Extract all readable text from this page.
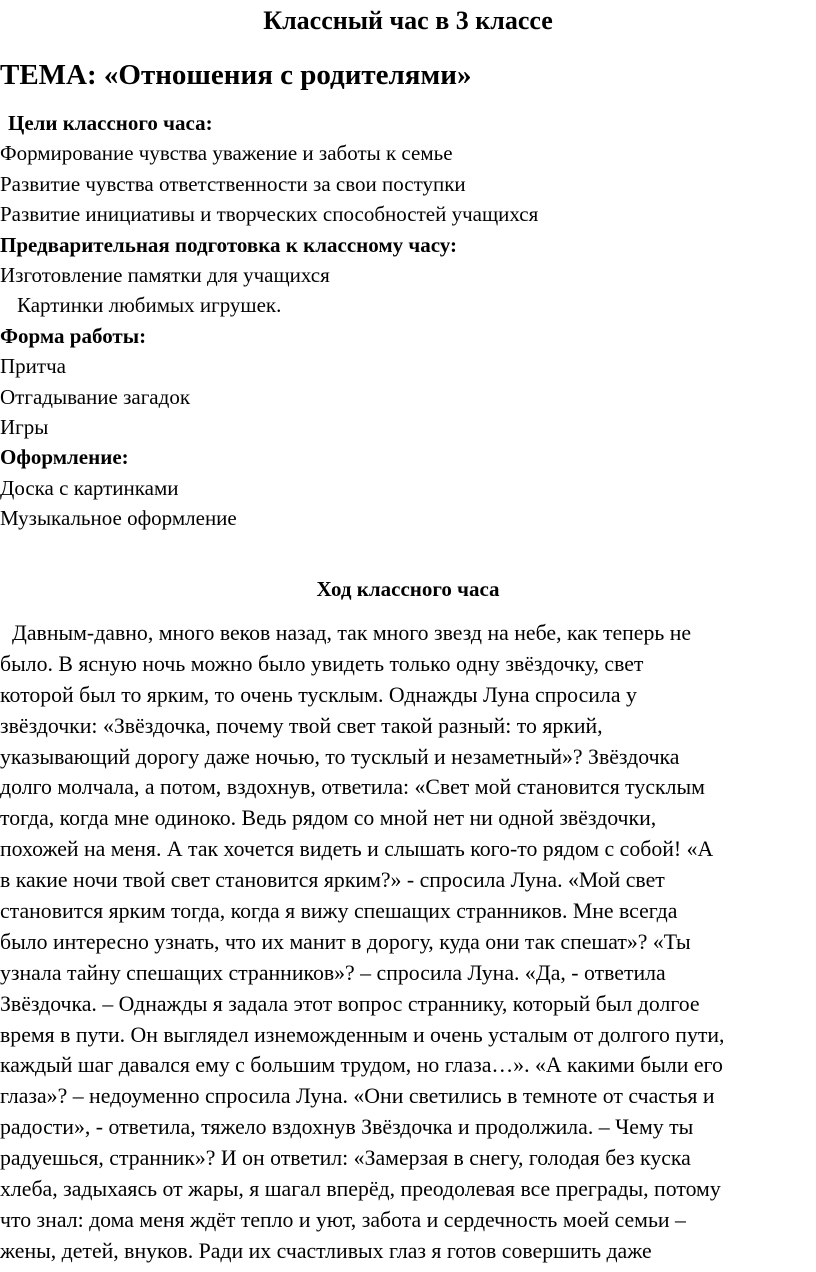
Классный час в 3 классе
ТЕМА: «Отношения с родителями»
Цели классного часа:
Формирование чувства уважение и заботы к семье
Развитие чувства ответственности за свои поступки
Развитие инициативы и творческих способностей учащихся
Предварительная подготовка к классному часу:
Изготовление памятки для учащихся
Картинки любимых игрушек.
Форма работы:
Притча
Отгадывание загадок
Игры
Оформление:
Доска с картинками
Музыкальное оформление
Ход классного часа

Давным-давно, много веков назад, так много звезд на небе, как теперь не
было. В ясную ночь можно было увидеть только одну звёздочку, свет
которой был то ярким, то очень тусклым. Однажды Луна спросила у
звёздочки: «Звёздочка, почему твой свет такой разный: то яркий,
указывающий дорогу даже ночью, то тусклый и незаметный»? Звёздочка
долго молчала, а потом, вздохнув, ответила: «Свет мой становится тусклым
тогда, когда мне одиноко. Ведь рядом со мной нет ни одной звёздочки,
похожей на меня. А так хочется видеть и слышать кого-то рядом с собой! «А
в какие ночи твой свет становится ярким?» - спросила Луна. «Мой свет
становится ярким тогда, когда я вижу спешащих странников. Мне всегда
было интересно узнать, что их манит в дорогу, куда они так спешат»? «Ты
узнала тайну спешащих странников»? – спросила Луна. «Да, - ответила
Звёздочка. – Однажды я задала этот вопрос страннику, который был долгое
время в пути. Он выглядел изнеможденным и очень усталым от долгого пути,
каждый шаг давался ему с большим трудом, но глаза…». «А какими были его
глаза»? – недоуменно спросила Луна. «Они светились в темноте от счастья и
радости», - ответила, тяжело вздохнув Звёздочка и продолжила. – Чему ты
радуешься, странник»? И он ответил: «Замерзая в снегу, голодая без куска
хлеба, задыхаясь от жары, я шагал вперёд, преодолевая все преграды, потому
что знал: дома меня ждёт тепло и уют, забота и сердечность моей семьи –
жены, детей, внуков. Ради их счастливых глаз я готов совершить даже
